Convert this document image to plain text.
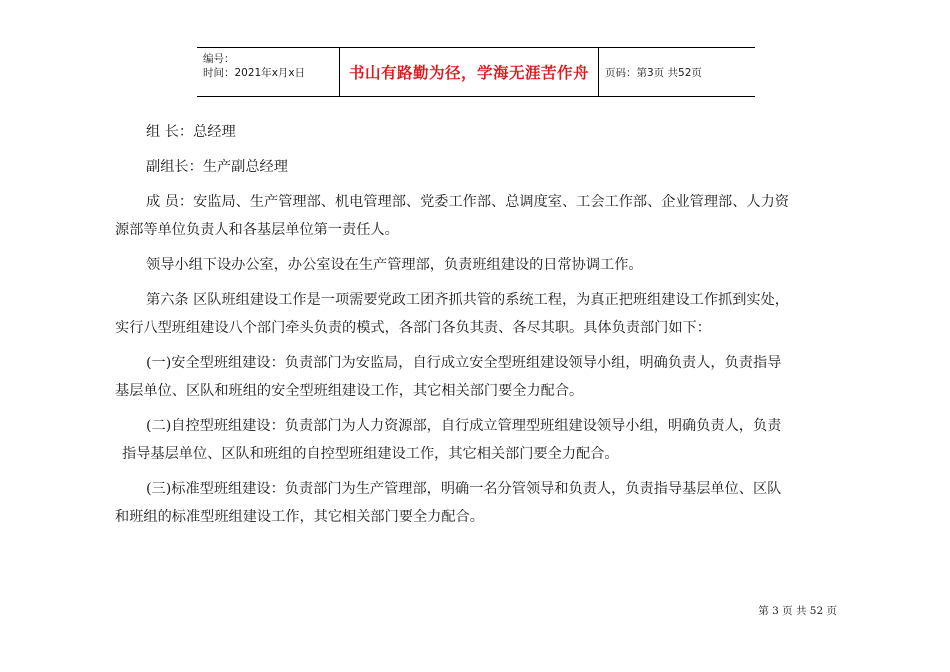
编号：
时间：2021年x月x日	书山有路勤为径，学海无涯苦作舟	页码：第3页 共52页

组 长：总经理

副组长：生产副总经理

成 员：安监局、生产管理部、机电管理部、党委工作部、总调度室、工会工作部、企业管理部、人力资

源部等单位负责人和各基层单位第一责任人。

领导小组下设办公室，办公室设在生产管理部，负责班组建设的日常协调工作。

第六条 区队班组建设工作是一项需要党政工团齐抓共管的系统工程，为真正把班组建设工作抓到实处，

实行八型班组建设八个部门牵头负责的模式，各部门各负其责、各尽其职。具体负责部门如下：

(一)安全型班组建设：负责部门为安监局，自行成立安全型班组建设领导小组，明确负责人，负责指导

基层单位、区队和班组的安全型班组建设工作，其它相关部门要全力配合。

(二)自控型班组建设：负责部门为人力资源部，自行成立管理型班组建设领导小组，明确负责人，负责

指导基层单位、区队和班组的自控型班组建设工作，其它相关部门要全力配合。

(三)标准型班组建设：负责部门为生产管理部，明确一名分管领导和负责人，负责指导基层单位、区队

和班组的标准型班组建设工作，其它相关部门要全力配合。

第 3 页 共 52 页
